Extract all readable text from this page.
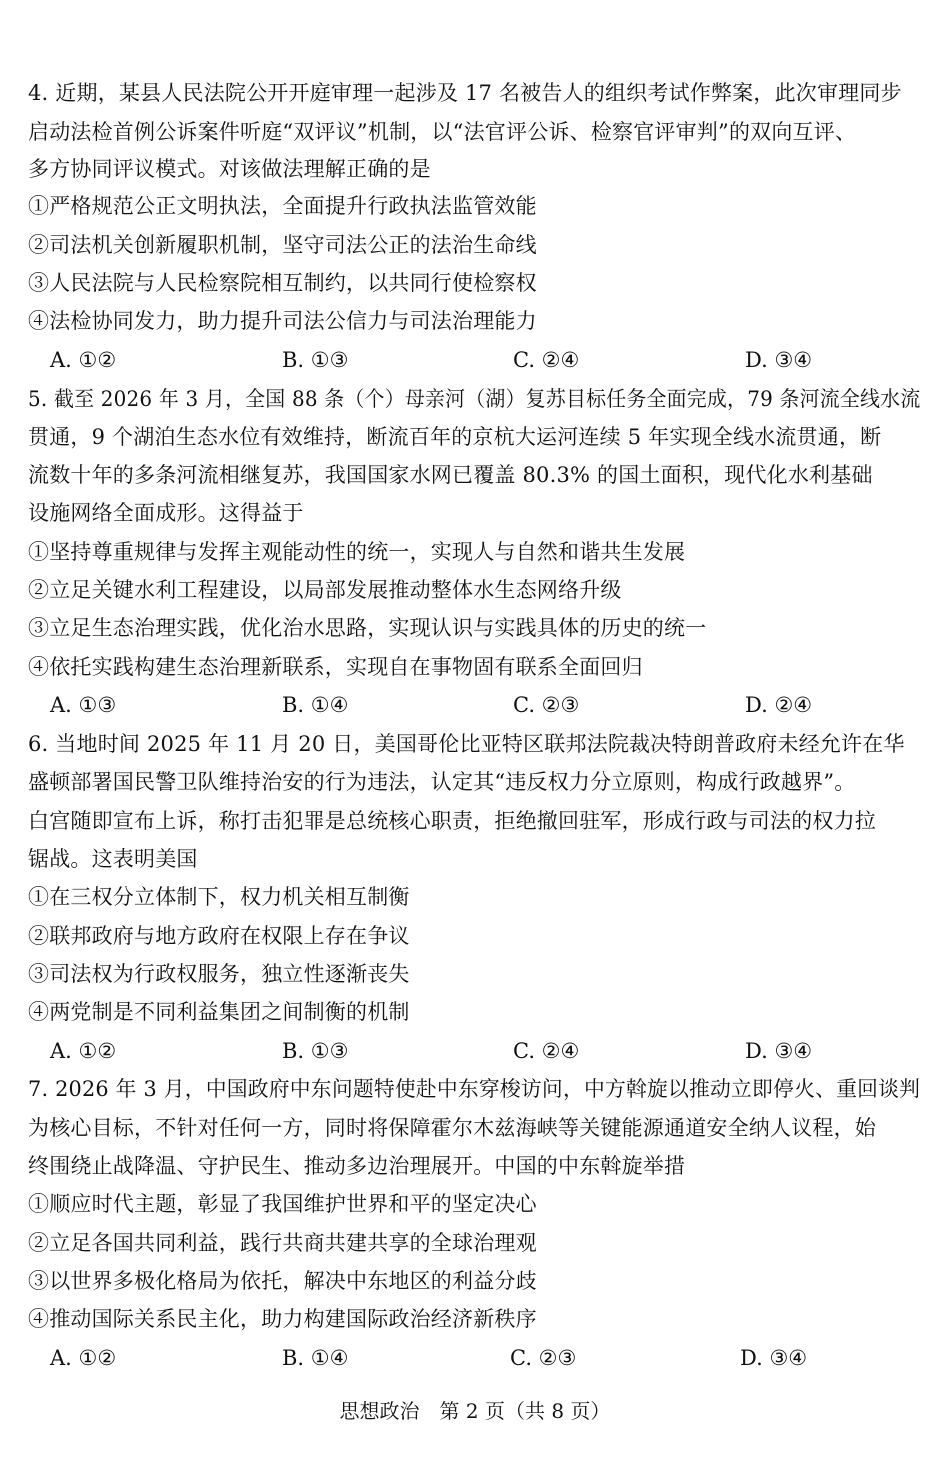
4. 近期，某县人民法院公开开庭审理一起涉及 17 名被告人的组织考试作弊案，此次审理同步
启动法检首例公诉案件听庭“双评议”机制，以“法官评公诉、检察官评审判”的双向互评、
多方协同评议模式。对该做法理解正确的是
①严格规范公正文明执法，全面提升行政执法监管效能
②司法机关创新履职机制，坚守司法公正的法治生命线
③人民法院与人民检察院相互制约，以共同行使检察权
④法检协同发力，助力提升司法公信力与司法治理能力
A. ①②	B. ①③	C. ②④	D. ③④
5. 截至 2026 年 3 月，全国 88 条（个）母亲河（湖）复苏目标任务全面完成，79 条河流全线水流
贯通，9 个湖泊生态水位有效维持，断流百年的京杭大运河连续 5 年实现全线水流贯通，断
流数十年的多条河流相继复苏，我国国家水网已覆盖 80.3% 的国土面积，现代化水利基础
设施网络全面成形。这得益于
①坚持尊重规律与发挥主观能动性的统一，实现人与自然和谐共生发展
②立足关键水利工程建设，以局部发展推动整体水生态网络升级
③立足生态治理实践，优化治水思路，实现认识与实践具体的历史的统一
④依托实践构建生态治理新联系，实现自在事物固有联系全面回归
A. ①③	B. ①④	C. ②③	D. ②④
6. 当地时间 2025 年 11 月 20 日，美国哥伦比亚特区联邦法院裁决特朗普政府未经允许在华
盛顿部署国民警卫队维持治安的行为违法，认定其“违反权力分立原则，构成行政越界”。
白宫随即宣布上诉，称打击犯罪是总统核心职责，拒绝撤回驻军，形成行政与司法的权力拉
锯战。这表明美国
①在三权分立体制下，权力机关相互制衡
②联邦政府与地方政府在权限上存在争议
③司法权为行政权服务，独立性逐渐丧失
④两党制是不同利益集团之间制衡的机制
A. ①②	B. ①③	C. ②④	D. ③④
7. 2026 年 3 月，中国政府中东问题特使赴中东穿梭访问，中方斡旋以推动立即停火、重回谈判
为核心目标，不针对任何一方，同时将保障霍尔木兹海峡等关键能源通道安全纳人议程，始
终围绕止战降温、守护民生、推动多边治理展开。中国的中东斡旋举措
①顺应时代主题，彰显了我国维护世界和平的坚定决心
②立足各国共同利益，践行共商共建共享的全球治理观
③以世界多极化格局为依托，解决中东地区的利益分歧
④推动国际关系民主化，助力构建国际政治经济新秩序
A. ①②	B. ①④	C. ②③	D. ③④
思想政治　第 2 页（共 8 页）
